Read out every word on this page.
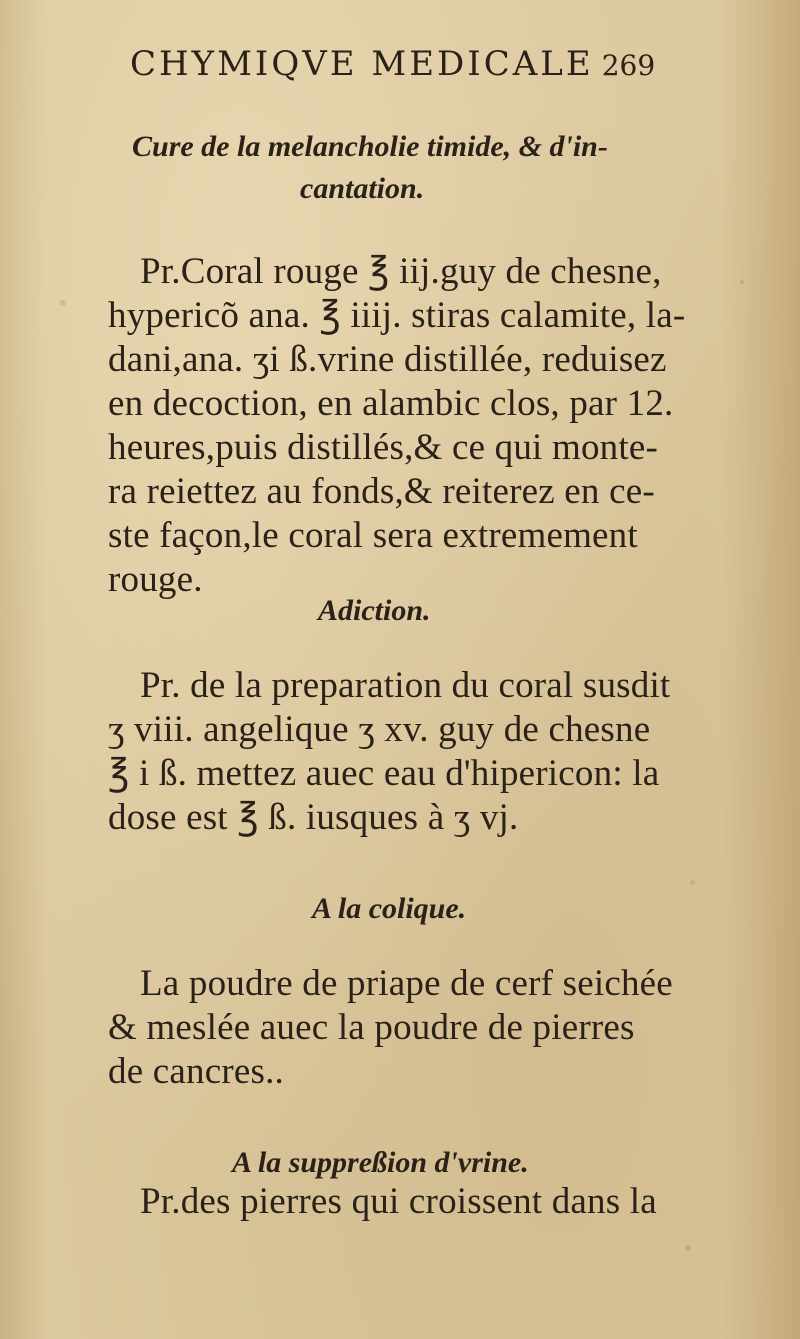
CHYMIQVE MEDICALE 269
Cure de la melancholie timide, & d'in-
cantation.
Pr.Coral rouge ℥ iij.guy de chesne,
hypericõ ana. ℥ iiij. stiras calamite, la-
dani,ana. ʒi ß.vrine distillée, reduisez
en decoction, en alambic clos, par 12.
heures,puis distillés,& ce qui monte-
ra reiettez au fonds,& reiterez en ce-
ste façon,le coral sera extremement
rouge.
Adiction.
Pr. de la preparation du coral susdit
ʒ viii. angelique ʒ xv. guy de chesne
℥ i ß. mettez auec eau d'hipericon: la
dose est ℥ ß. iusques à ʒ vj.
A la colique.
La poudre de priape de cerf seichée
& meslée auec la poudre de pierres
de cancres..
A la suppreßion d'vrine.
Pr.des pierres qui croissent dans la
